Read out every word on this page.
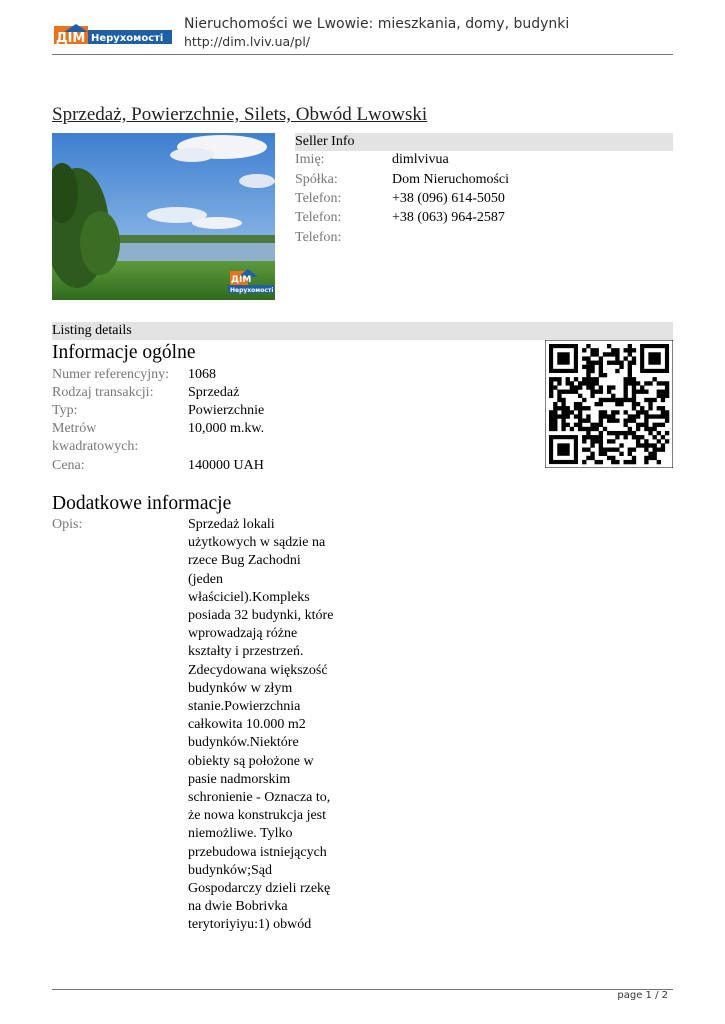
ДІМ Нерухомості
Nieruchomości we Lwowie: mieszkania, domy, budynki
http://dim.lviv.ua/pl/
Sprzedaż, Powierzchnie, Silets, Obwód Lwowski
ДІМ
Нерухомості
Seller Info
Imię:	dimlvivua
Spółka:	Dom Nieruchomości
Telefon:	+38 (096) 614-5050
Telefon:	+38 (063) 964-2587
Telefon:
Listing details
Informacje ogólne
Numer referencyjny:	1068
Rodzaj transakcji:	Sprzedaż
Typ:	Powierzchnie
Metrów kwadratowych:
10,000 m.kw.
Cena:	140000 UAH
Dodatkowe informacje
Opis:	Sprzedaż lokali
użytkowych w sądzie na
rzece Bug Zachodni
(jeden
właściciel).Kompleks
posiada 32 budynki, które
wprowadzają różne
kształty i przestrzeń.
Zdecydowana większość
budynków w złym
stanie.Powierzchnia
całkowita 10.000 m2
budynków.Niektóre
obiekty są położone w
pasie nadmorskim
schronienie - Oznacza to,
że nowa konstrukcja jest
niemożliwe. Tylko
przebudowa istniejących
budynków;Sąd
Gospodarczy dzieli rzekę
na dwie Bobrivka
terytoriyiyu:1) obwód
page 1 / 2
